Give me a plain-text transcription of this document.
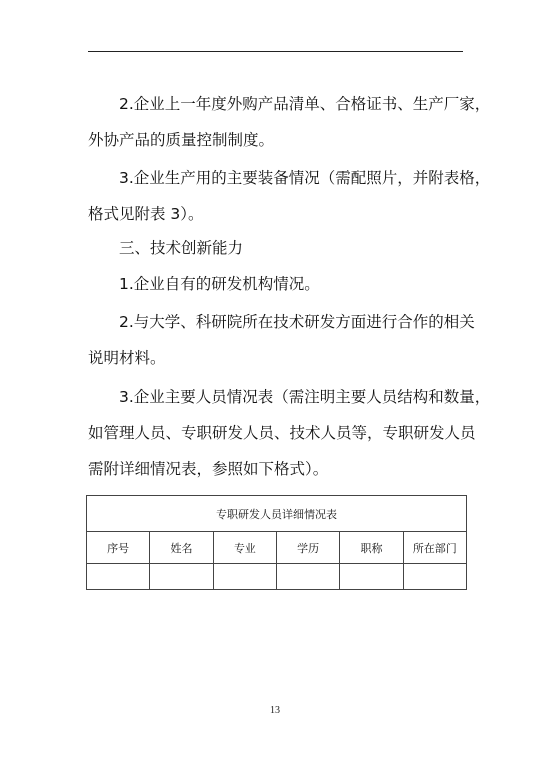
2.企业上一年度外购产品清单、合格证书、生产厂家，

外协产品的质量控制制度。

3.企业生产用的主要装备情况（需配照片，并附表格，

格式见附表 3）。

三、技术创新能力

1.企业自有的研发机构情况。

2.与大学、科研院所在技术研发方面进行合作的相关

说明材料。

3.企业主要人员情况表（需注明主要人员结构和数量，

如管理人员、专职研发人员、技术人员等，专职研发人员

需附详细情况表，参照如下格式）。

专职研发人员详细情况表					
序号	姓名	专业	学历	职称	所在部门

13
